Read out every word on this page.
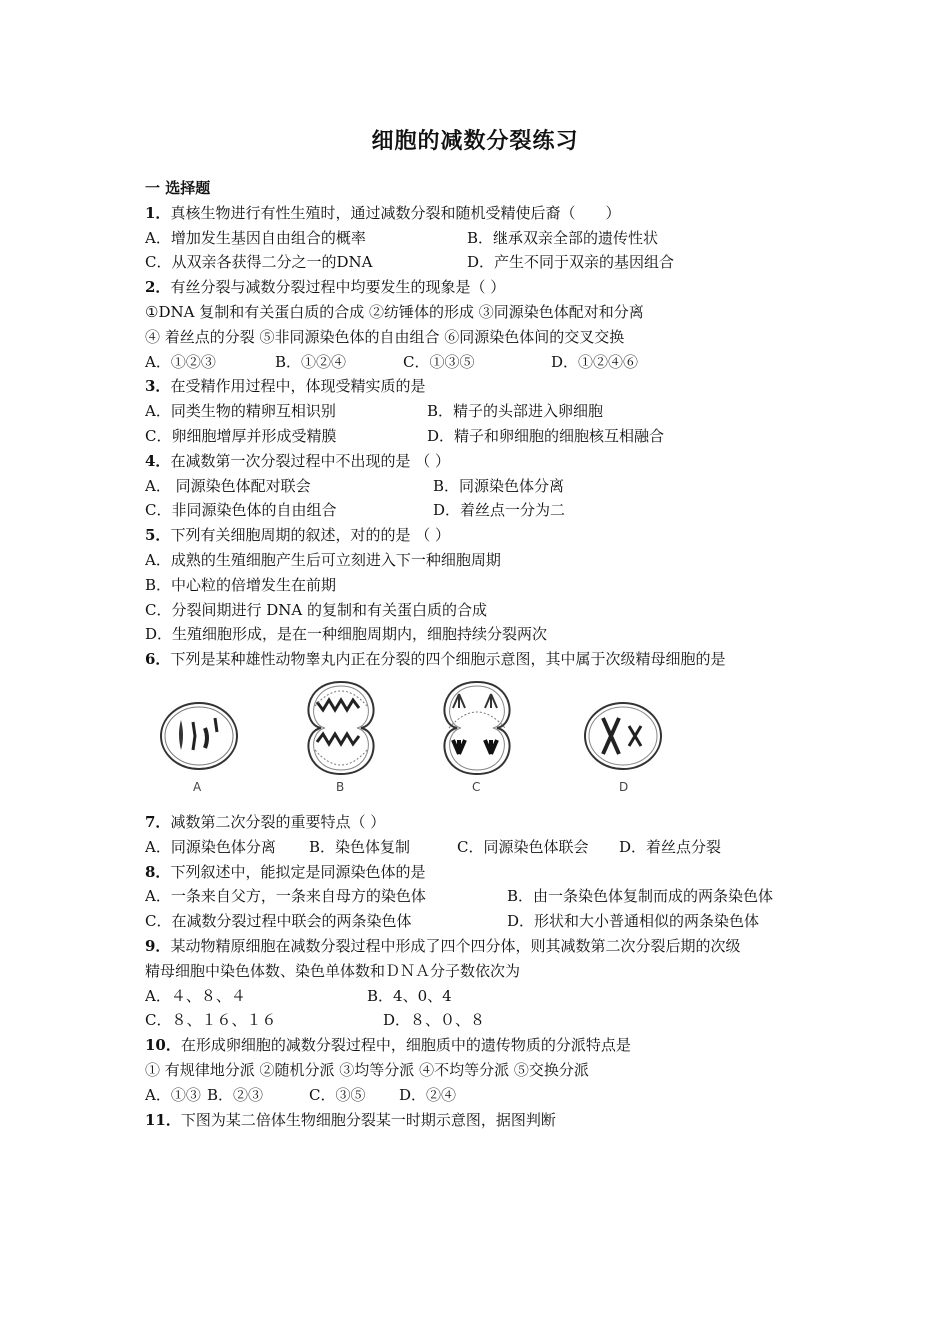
细胞的减数分裂练习
一 选择题
1．真核生物进行有性生殖时，通过减数分裂和随机受精使后裔（　　）
A．增加发生基因自由组合的概率	B．继承双亲全部的遗传性状
C．从双亲各获得二分之一的DNA	D．产生不同于双亲的基因组合
2．有丝分裂与减数分裂过程中均要发生的现象是（ ）
①DNA 复制和有关蛋白质的合成 ②纺锤体的形成 ③同源染色体配对和分离
④ 着丝点的分裂 ⑤非同源染色体的自由组合 ⑥同源染色体间的交叉交换
A．①②③	B．①②④	C．①③⑤	D．①②④⑥
3．在受精作用过程中，体现受精实质的是
A．同类生物的精卵互相识别	B．精子的头部进入卵细胞
C．卵细胞增厚并形成受精膜	D．精子和卵细胞的细胞核互相融合
4．在减数第一次分裂过程中不出现的是 （ ）
A． 同源染色体配对联会	B．同源染色体分离
C．非同源染色体的自由组合	D．着丝点一分为二
5．下列有关细胞周期的叙述，对的的是 （ ）
A．成熟的生殖细胞产生后可立刻进入下一种细胞周期
B．中心粒的倍增发生在前期
C．分裂间期进行 DNA 的复制和有关蛋白质的合成
D．生殖细胞形成，是在一种细胞周期内，细胞持续分裂两次
6．下列是某种雄性动物睾丸内正在分裂的四个细胞示意图，其中属于次级精母细胞的是
A	B	C	D
7．减数第二次分裂的重要特点（ ）
A．同源染色体分离 B．染色体复制	C．同源染色体联会 D．着丝点分裂
8．下列叙述中，能拟定是同源染色体的是
A．一条来自父方，一条来自母方的染色体	B．由一条染色体复制而成的两条染色体
C．在减数分裂过程中联会的两条染色体	D．形状和大小普通相似的两条染色体
9．某动物精原细胞在减数分裂过程中形成了四个四分体，则其减数第二次分裂后期的次级
精母细胞中染色体数、染色单体数和ＤＮＡ分子数依次为
A．４、８、４	B．4、0、4
C．８、１６、１６	D．８、０、８
10．在形成卵细胞的减数分裂过程中，细胞质中的遗传物质的分派特点是
① 有规律地分派 ②随机分派 ③均等分派 ④不均等分派 ⑤交换分派
A．①③ B．②③	C．③⑤ D．②④
11．下图为某二倍体生物细胞分裂某一时期示意图，据图判断
